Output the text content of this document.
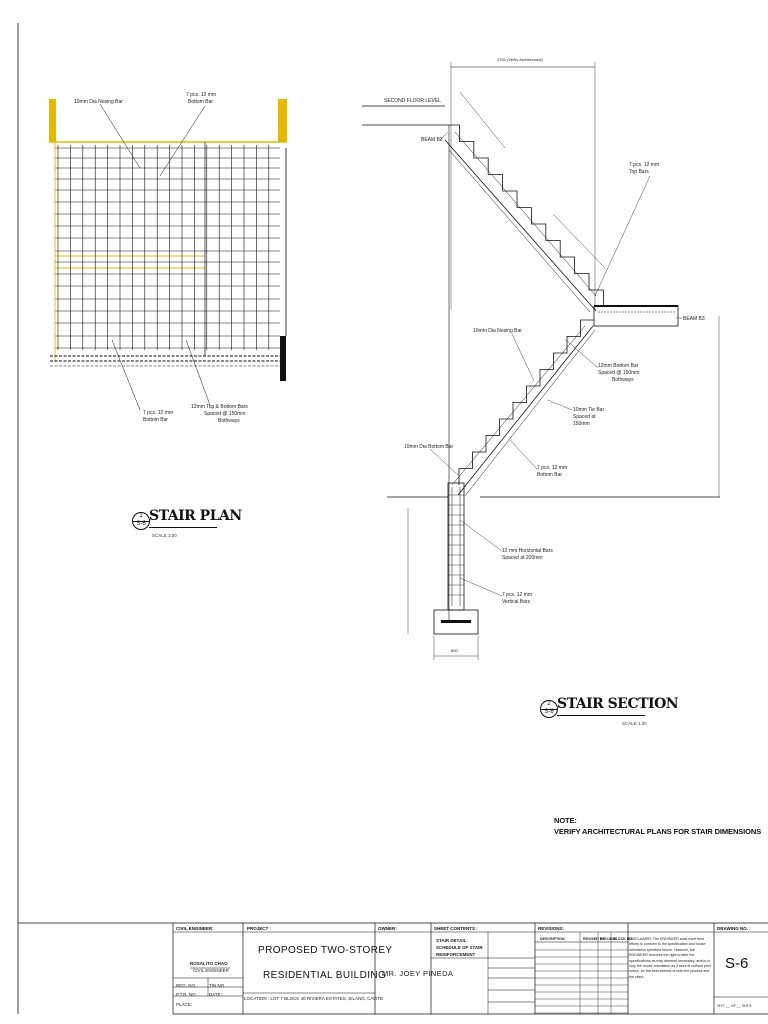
10mm Dia Nosing Bar
7 pcs. 12 mm
Bottom Bar
7 pcs. 12 mm
Bottom Bar
12mm Top & Bottom Bars
Spaced @ 150mm
Bothways
1
S-6 STAIR PLAN
SCALE 1:20
2762 (Verify Architectural)
SECOND FLOOR LEVEL
BEAM B2
7 pcs. 12 mm
Top Bars
BEAM B3
10mm Dia Nosing Bar
12mm Bottom Bar
Spaced @ 150mm
Bothways
10mm Tie Bar
Spaced at
150mm
10mm Dia Bottom Bar
7 pcs. 12 mm
Bottom Bar
12 mm Horizontal Bars
Spaced at 200mm
7 pcs. 12 mm
Vertical Bars
600
2
S-6 STAIR SECTION
SCALE 1:20
NOTE:
VERIFY ARCHITECTURAL PLANS FOR STAIR DIMENSIONS
CIVIL ENGINEER:
ROSALITO CHAO
CIVIL ENGINEER
REG. NO.	TIN NO.
P.T.R. NO.	DATE:
PLACE:
PROJECT :
PROPOSED TWO-STOREY
RESIDENTIAL BUILDING
LOCATION : LOT 7 BLOCK 40 RIVIERA ESTATES, SILANG, CAVITE
OWNER:
MR. JOEY PINEDA
SHEET CONTENTS :
STAIR DETAIL
SCHEDULE OF STAIR
REINFORCEMENT
REVISIONS:
DESCRIPTION	REVISED BY
PROJECT
BLOCK NO.
DISCLAIMER: The ENGINEER shall exert best efforts to conform to the specification and house orientation specified herein. However, the ENGINEER reserves the right to alter the specifications as may deemed necessary, and/or to vary the house orientation as it sees fit without prior notice, for the best interest of both the product and the client.
DRAWING NO. :
S-6
SHT. __ OF __ SHTS.
